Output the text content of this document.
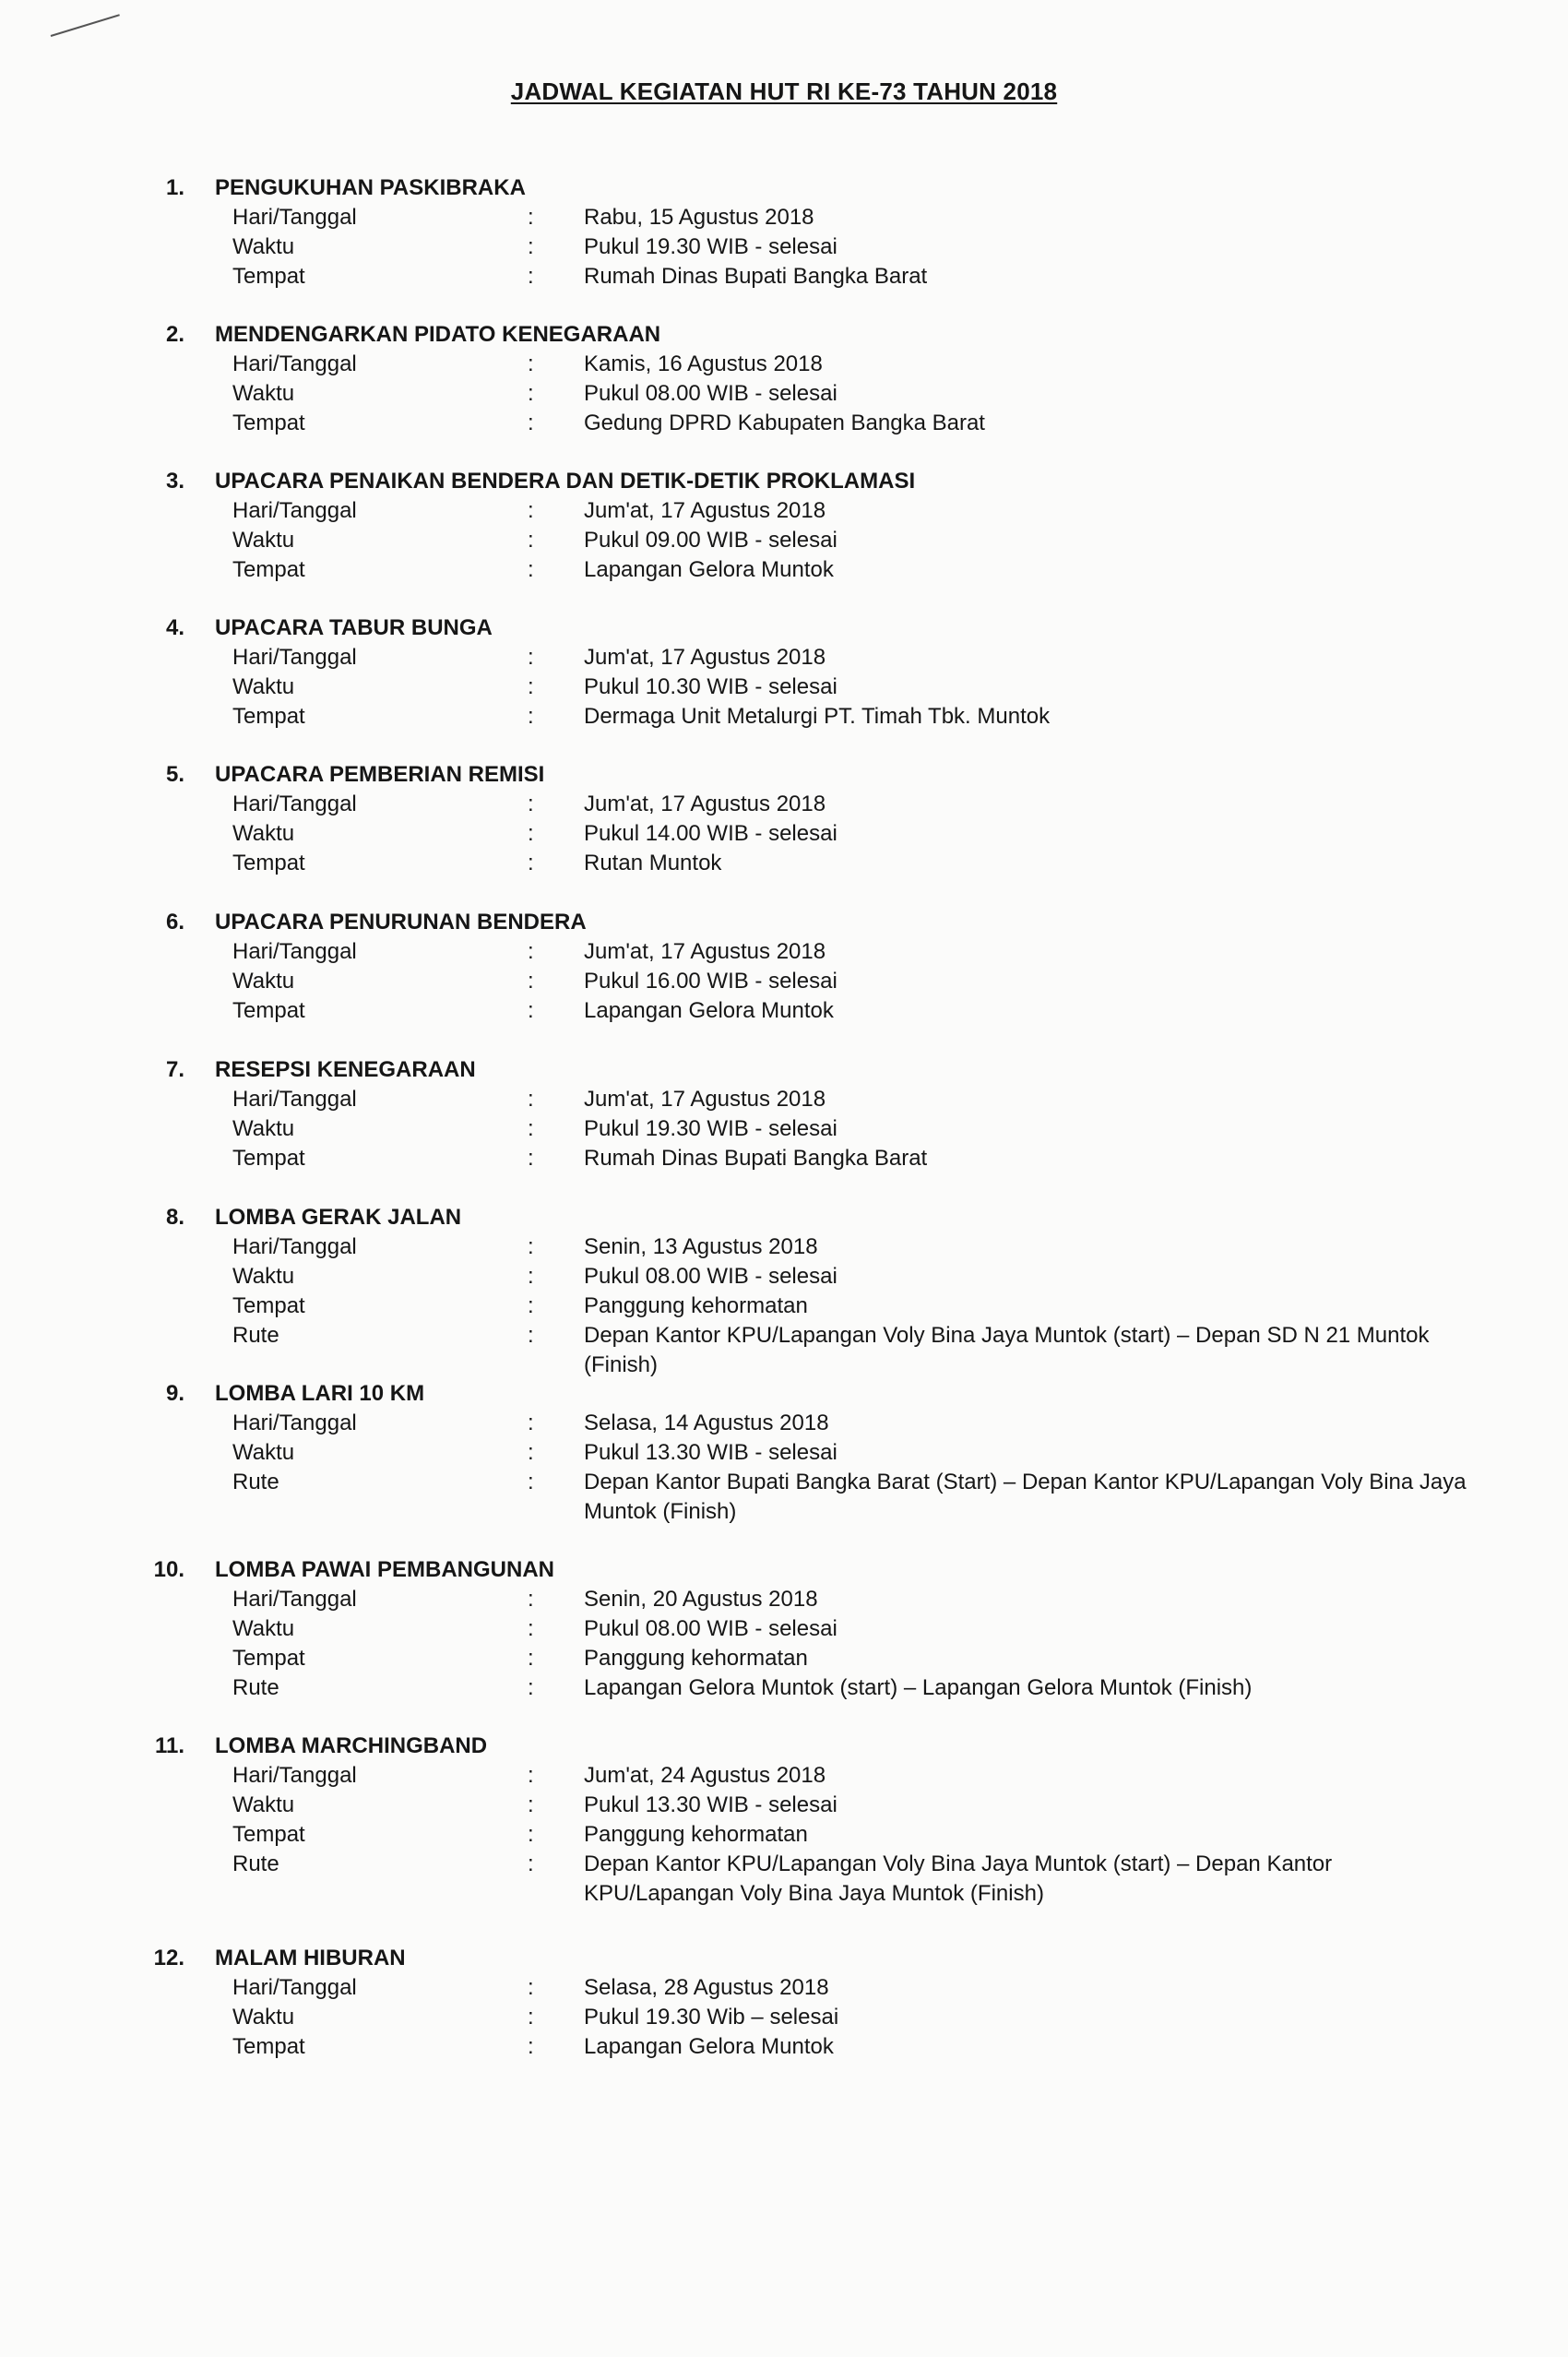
JADWAL KEGIATAN HUT RI KE-73 TAHUN 2018
1. PENGUKUHAN PASKIBRAKA
Hari/Tanggal	: Rabu, 15 Agustus 2018
Waktu	: Pukul 19.30 WIB - selesai
Tempat	: Rumah Dinas Bupati Bangka Barat
2. MENDENGARKAN PIDATO KENEGARAAN
Hari/Tanggal	: Kamis, 16 Agustus 2018
Waktu	: Pukul 08.00 WIB - selesai
Tempat	: Gedung DPRD Kabupaten Bangka Barat
3. UPACARA PENAIKAN BENDERA DAN DETIK-DETIK PROKLAMASI
Hari/Tanggal	: Jum'at, 17 Agustus 2018
Waktu	: Pukul 09.00 WIB - selesai
Tempat	: Lapangan Gelora Muntok
4. UPACARA TABUR BUNGA
Hari/Tanggal	: Jum'at, 17 Agustus 2018
Waktu	: Pukul 10.30 WIB - selesai
Tempat	: Dermaga Unit Metalurgi PT. Timah Tbk. Muntok
5. UPACARA PEMBERIAN REMISI
Hari/Tanggal	: Jum'at, 17 Agustus 2018
Waktu	: Pukul 14.00 WIB - selesai
Tempat	: Rutan Muntok
6. UPACARA PENURUNAN BENDERA
Hari/Tanggal	: Jum'at, 17 Agustus 2018
Waktu	: Pukul 16.00 WIB - selesai
Tempat	: Lapangan Gelora Muntok
7. RESEPSI KENEGARAAN
Hari/Tanggal	: Jum'at, 17 Agustus 2018
Waktu	: Pukul 19.30 WIB - selesai
Tempat	: Rumah Dinas Bupati Bangka Barat
8. LOMBA GERAK JALAN
Hari/Tanggal	: Senin, 13 Agustus 2018
Waktu	: Pukul 08.00 WIB - selesai
Tempat	: Panggung kehormatan
Rute	: Depan Kantor KPU/Lapangan Voly Bina Jaya Muntok (start) – Depan SD N 21 Muntok (Finish)
9. LOMBA LARI 10 KM
Hari/Tanggal	: Selasa, 14 Agustus 2018
Waktu	: Pukul 13.30 WIB - selesai
Rute	: Depan Kantor Bupati Bangka Barat (Start) – Depan Kantor KPU/Lapangan Voly Bina Jaya Muntok (Finish)
10. LOMBA PAWAI PEMBANGUNAN
Hari/Tanggal	: Senin, 20 Agustus 2018
Waktu	: Pukul 08.00 WIB - selesai
Tempat	: Panggung kehormatan
Rute	: Lapangan Gelora Muntok (start) – Lapangan Gelora Muntok (Finish)
11. LOMBA MARCHINGBAND
Hari/Tanggal	: Jum'at, 24 Agustus 2018
Waktu	: Pukul 13.30 WIB - selesai
Tempat	: Panggung kehormatan
Rute	: Depan Kantor KPU/Lapangan Voly Bina Jaya Muntok (start) – Depan Kantor KPU/Lapangan Voly Bina Jaya Muntok (Finish)
12. MALAM HIBURAN
Hari/Tanggal	: Selasa, 28 Agustus 2018
Waktu	: Pukul 19.30 Wib – selesai
Tempat	: Lapangan Gelora Muntok
